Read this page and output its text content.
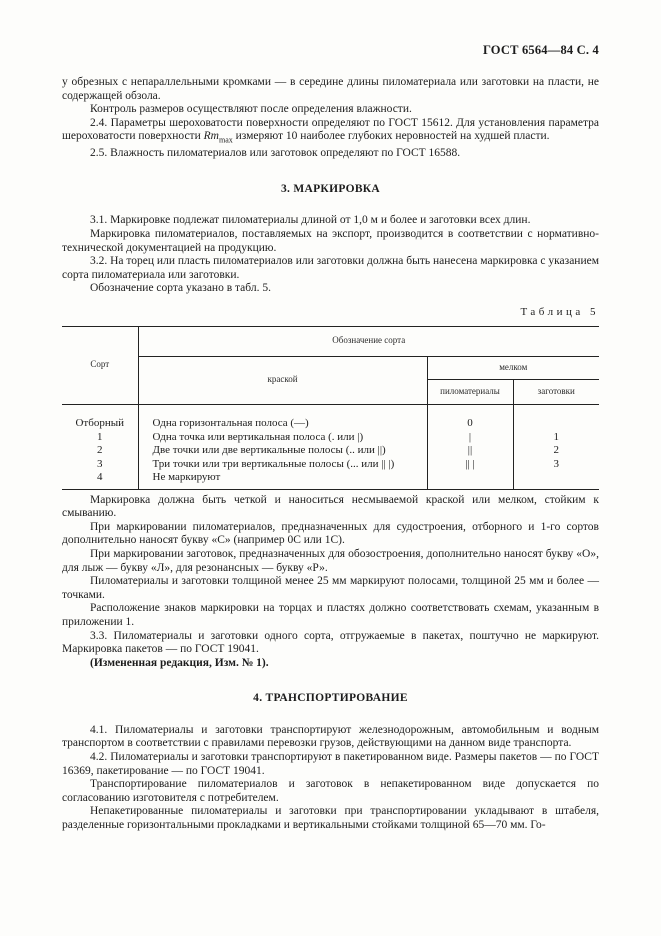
ГОСТ 6564—84 С. 4

у обрезных с непараллельными кромками — в середине длины пиломатериала или заготовки на пласти, не содержащей обзола.

Контроль размеров осуществляют после определения влажности.

2.4. Параметры шероховатости поверхности определяют по ГОСТ 15612. Для установления параметра шероховатости поверхности $Rm_{max}$ измеряют 10 наиболее глубоких неровностей на худшей пласти.

2.5. Влажность пиломатериалов или заготовок определяют по ГОСТ 16588.

3. МАРКИРОВКА

3.1. Маркировке подлежат пиломатериалы длиной от 1,0 м и более и заготовки всех длин.

Маркировка пиломатериалов, поставляемых на экспорт, производится в соответствии с нормативно-технической документацией на продукцию.

3.2. На торец или пласть пиломатериалов или заготовки должна быть нанесена маркировка с указанием сорта пиломатериала или заготовки.

Обозначение сорта указано в табл. 5.

Таблица 5
Сорт	Обозначение сорта		
	краской	мелком	
		пиломатериалы	заготовки

Отборный	Одна горизонтальная полоса (—)	0	
1	Одна точка или вертикальная полоса (. или |)	|	1
2	Две точки или две вертикальные полосы (.. или ||)	||	2
3	Три точки или три вертикальные полосы (... или || |)	|| |	3
4	Не маркируют		

Маркировка должна быть четкой и наноситься несмываемой краской или мелком, стойким к смыванию.

При маркировании пиломатериалов, предназначенных для судостроения, отборного и 1-го сортов дополнительно наносят букву «С» (например 0С или 1С).

При маркировании заготовок, предназначенных для обозостроения, дополнительно наносят букву «О», для лыж — букву «Л», для резонансных — букву «Р».

Пиломатериалы и заготовки толщиной менее 25 мм маркируют полосами, толщиной 25 мм и более — точками.

Расположение знаков маркировки на торцах и пластях должно соответствовать схемам, указанным в приложении 1.

3.3. Пиломатериалы и заготовки одного сорта, отгружаемые в пакетах, поштучно не маркируют. Маркировка пакетов — по ГОСТ 19041.

(Измененная редакция, Изм. № 1).

4. ТРАНСПОРТИРОВАНИЕ

4.1. Пиломатериалы и заготовки транспортируют железнодорожным, автомобильным и водным транспортом в соответствии с правилами перевозки грузов, действующими на данном виде транспорта.

4.2. Пиломатериалы и заготовки транспортируют в пакетированном виде. Размеры пакетов — по ГОСТ 16369, пакетирование — по ГОСТ 19041.

Транспортирование пиломатериалов и заготовок в непакетированном виде допускается по согласованию изготовителя с потребителем.

Непакетированные пиломатериалы и заготовки при транспортировании укладывают в штабеля, разделенные горизонтальными прокладками и вертикальными стойками толщиной 65—70 мм. Го-
